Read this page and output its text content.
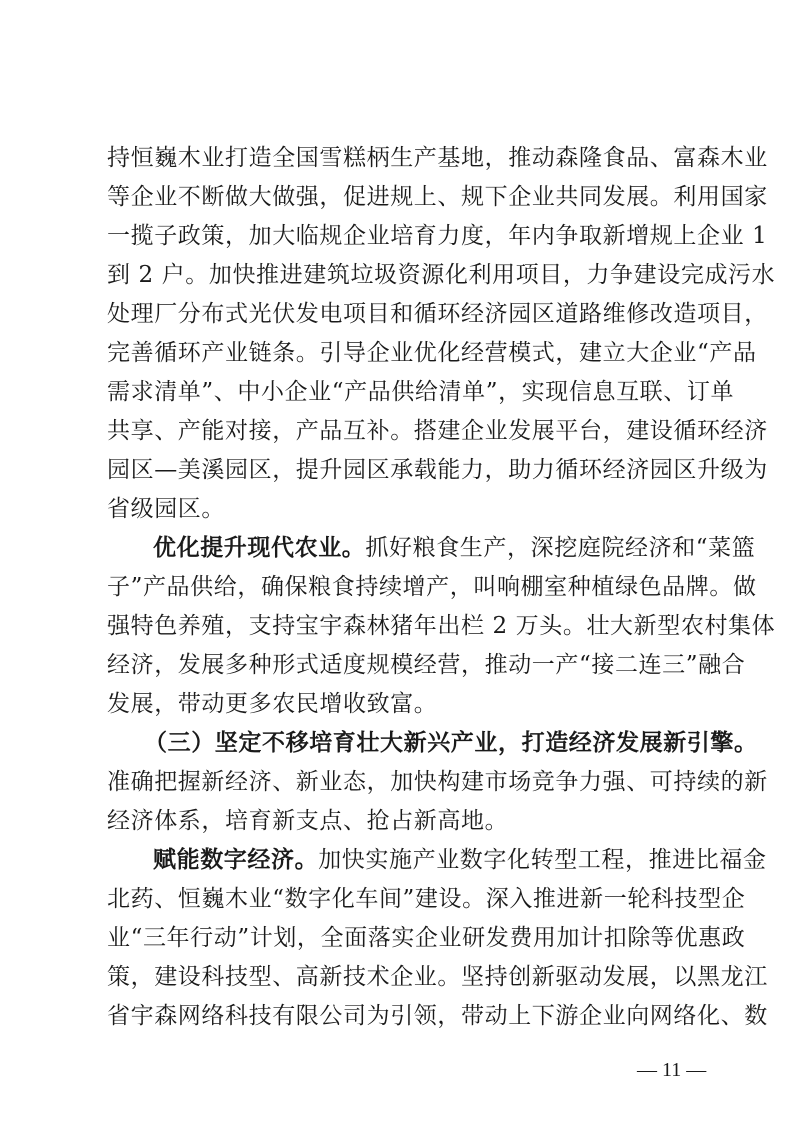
持恒巍木业打造全国雪糕柄生产基地，推动森隆食品、富森木业
等企业不断做大做强，促进规上、规下企业共同发展。利用国家
一揽子政策，加大临规企业培育力度，年内争取新增规上企业 1
到 2 户。加快推进建筑垃圾资源化利用项目，力争建设完成污水
处理厂分布式光伏发电项目和循环经济园区道路维修改造项目，
完善循环产业链条。引导企业优化经营模式，建立大企业“产品
需求清单”、中小企业“产品供给清单”，实现信息互联、订单
共享、产能对接，产品互补。搭建企业发展平台，建设循环经济
园区—美溪园区，提升园区承载能力，助力循环经济园区升级为
省级园区。
优化提升现代农业。抓好粮食生产，深挖庭院经济和“菜篮
子”产品供给，确保粮食持续增产，叫响棚室种植绿色品牌。做
强特色养殖，支持宝宇森林猪年出栏 2 万头。壮大新型农村集体
经济，发展多种形式适度规模经营，推动一产“接二连三”融合
发展，带动更多农民增收致富。
（三）坚定不移培育壮大新兴产业，打造经济发展新引擎。
准确把握新经济、新业态，加快构建市场竞争力强、可持续的新
经济体系，培育新支点、抢占新高地。
赋能数字经济。加快实施产业数字化转型工程，推进比福金
北药、恒巍木业“数字化车间”建设。深入推进新一轮科技型企
业“三年行动”计划，全面落实企业研发费用加计扣除等优惠政
策，建设科技型、高新技术企业。坚持创新驱动发展，以黑龙江
省宇森网络科技有限公司为引领，带动上下游企业向网络化、数
— 11 —
